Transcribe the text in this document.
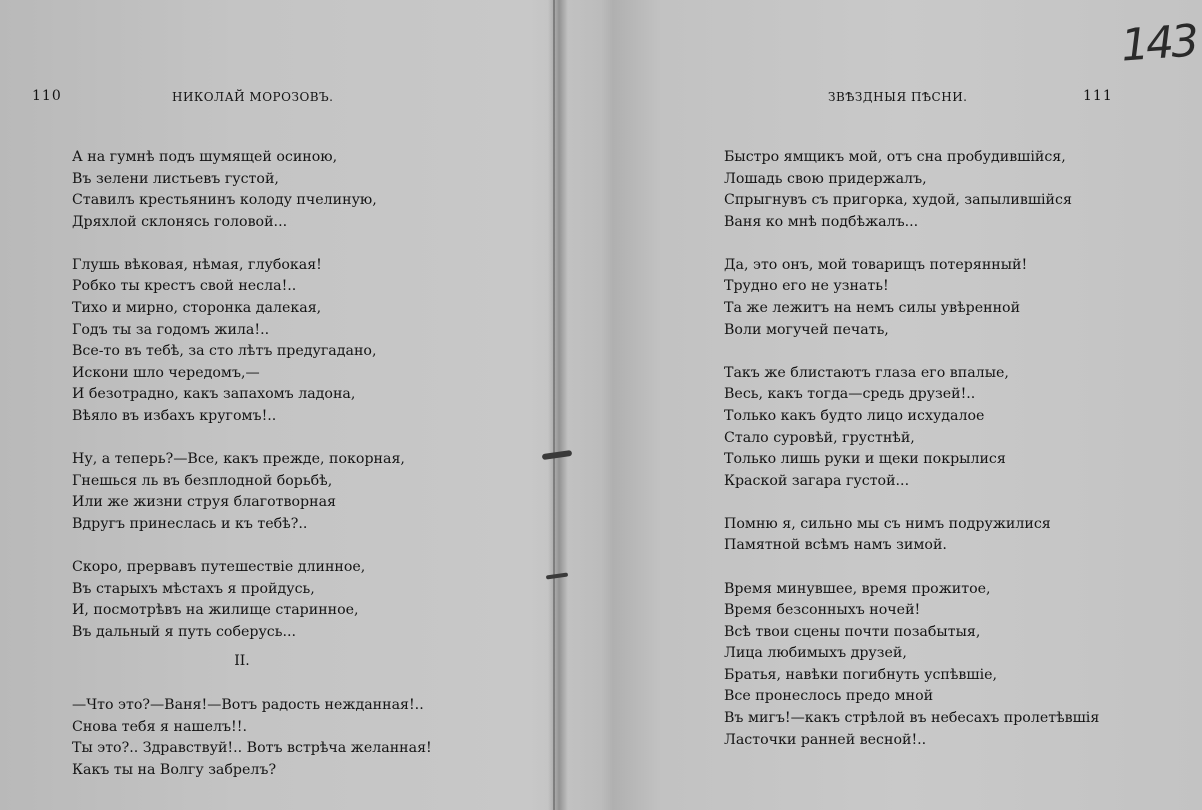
110	НИКОЛАЙ МОРОЗОВЪ.
А на гумнѣ подъ шумящей осиною,
Въ зелени листьевъ густой,
Ставилъ крестьянинъ колоду пчелиную,
Дряхлой склонясь головой...
Глушь вѣковая, нѣмая, глубокая!
Робко ты крестъ свой несла!..
Тихо и мирно, сторонка далекая,
Годъ ты за годомъ жила!..
Все-то въ тебѣ, за сто лѣтъ предугадано,
Искони шло чередомъ,—
И безотрадно, какъ запахомъ ладона,
Вѣяло въ избахъ кругомъ!..
Ну, а теперь?—Все, какъ прежде, покорная,
Гнешься ль въ безплодной борьбѣ,
Или же жизни струя благотворная
Вдругъ принеслась и къ тебѣ?..
Скоро, прервавъ путешествіе длинное,
Въ старыхъ мѣстахъ я пройдусь,
И, посмотрѣвъ на жилище старинное,
Въ дальный я путь соберусь...
II.
—Что это?—Ваня!—Вотъ радость нежданная!..
Снова тебя я нашелъ!!.
Ты это?.. Здравствуй!.. Вотъ встрѣча желанная!
Какъ ты на Волгу забрелъ?
ЗВѢЗДНЫЯ ПѢСНИ.	111
143
Быстро ямщикъ мой, отъ сна пробудившійся,
Лошадь свою придержалъ,
Спрыгнувъ съ пригорка, худой, запылившійся
Ваня ко мнѣ подбѣжалъ...
Да, это онъ, мой товарищъ потерянный!
Трудно его не узнать!
Та же лежитъ на немъ силы увѣренной
Воли могучей печать,
Такъ же блистаютъ глаза его впалые,
Весь, какъ тогда—средь друзей!..
Только какъ будто лицо исхудалое
Стало суровѣй, грустнѣй,
Только лишь руки и щеки покрылися
Краской загара густой...
Помню я, сильно мы съ нимъ подружилися
Памятной всѣмъ намъ зимой.
Время минувшее, время прожитое,
Время безсонныхъ ночей!
Всѣ твои сцены почти позабытыя,
Лица любимыхъ друзей,
Братья, навѣки погибнуть успѣвшіе,
Все пронеслось предо мной
Въ мигъ!—какъ стрѣлой въ небесахъ пролетѣвшія
Ласточки ранней весной!..
